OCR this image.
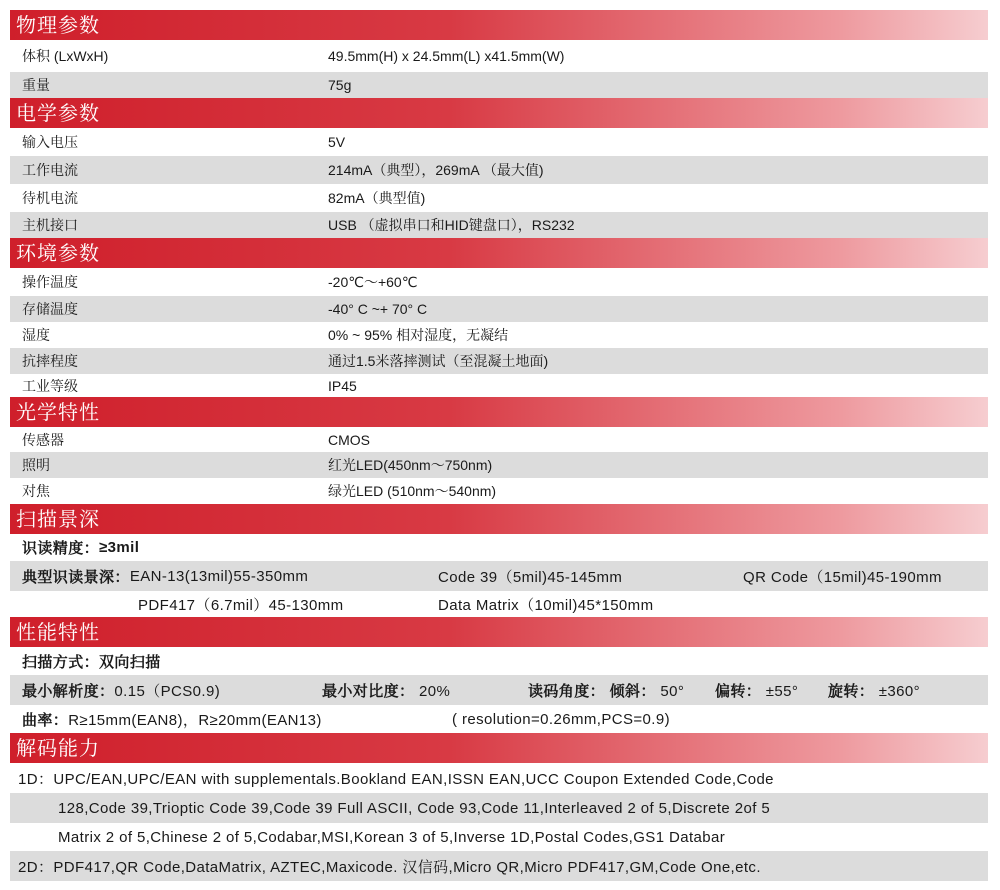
物理参数
体积 (LxWxH)	49.5mm(H) x 24.5mm(L) x41.5mm(W)
重量	75g
电学参数
输入电压	5V
工作电流	214mA（典型），269mA （最大值)
待机电流	82mA（典型值)
主机接口	USB （虚拟串口和HID键盘口），RS232
环境参数
操作温度	-20℃～+60℃
存储温度	-40° C ~+ 70° C
湿度	0% ~ 95% 相对湿度，无凝结
抗摔程度	通过1.5米落摔测试（至混凝土地面)
工业等级	IP45
光学特性
传感器	CMOS
照明	红光LED(450nm～750nm)
对焦	绿光LED (510nm～540nm)
扫描景深
识读精度： ≥3mil
典型识读景深： EAN-13(13mil)55-350mm	Code 39（5mil)45-145mm	QR Code（15mil)45-190mm
PDF417（6.7mil）45-130mm	Data Matrix（10mil)45*150mm
性能特性
扫描方式： 双向扫描
最小解析度： 0.15（PCS0.9)	最小对比度： 20%	读码角度： 倾斜： 50° 偏转： ±55° 旋转： ±360°
曲率： R≥15mm(EAN8)，R≥20mm(EAN13)	( resolution=0.26mm,PCS=0.9)
解码能力
1D：UPC/EAN,UPC/EAN with supplementals.Bookland EAN,ISSN EAN,UCC Coupon Extended Code,Code
128,Code 39,Trioptic Code 39,Code 39 Full ASCII, Code 93,Code 11,Interleaved 2 of 5,Discrete 2of 5
Matrix 2 of 5,Chinese 2 of 5,Codabar,MSI,Korean 3 of 5,Inverse 1D,Postal Codes,GS1 Databar
2D：PDF417,QR Code,DataMatrix, AZTEC,Maxicode. 汉信码,Micro QR,Micro PDF417,GM,Code One,etc.
